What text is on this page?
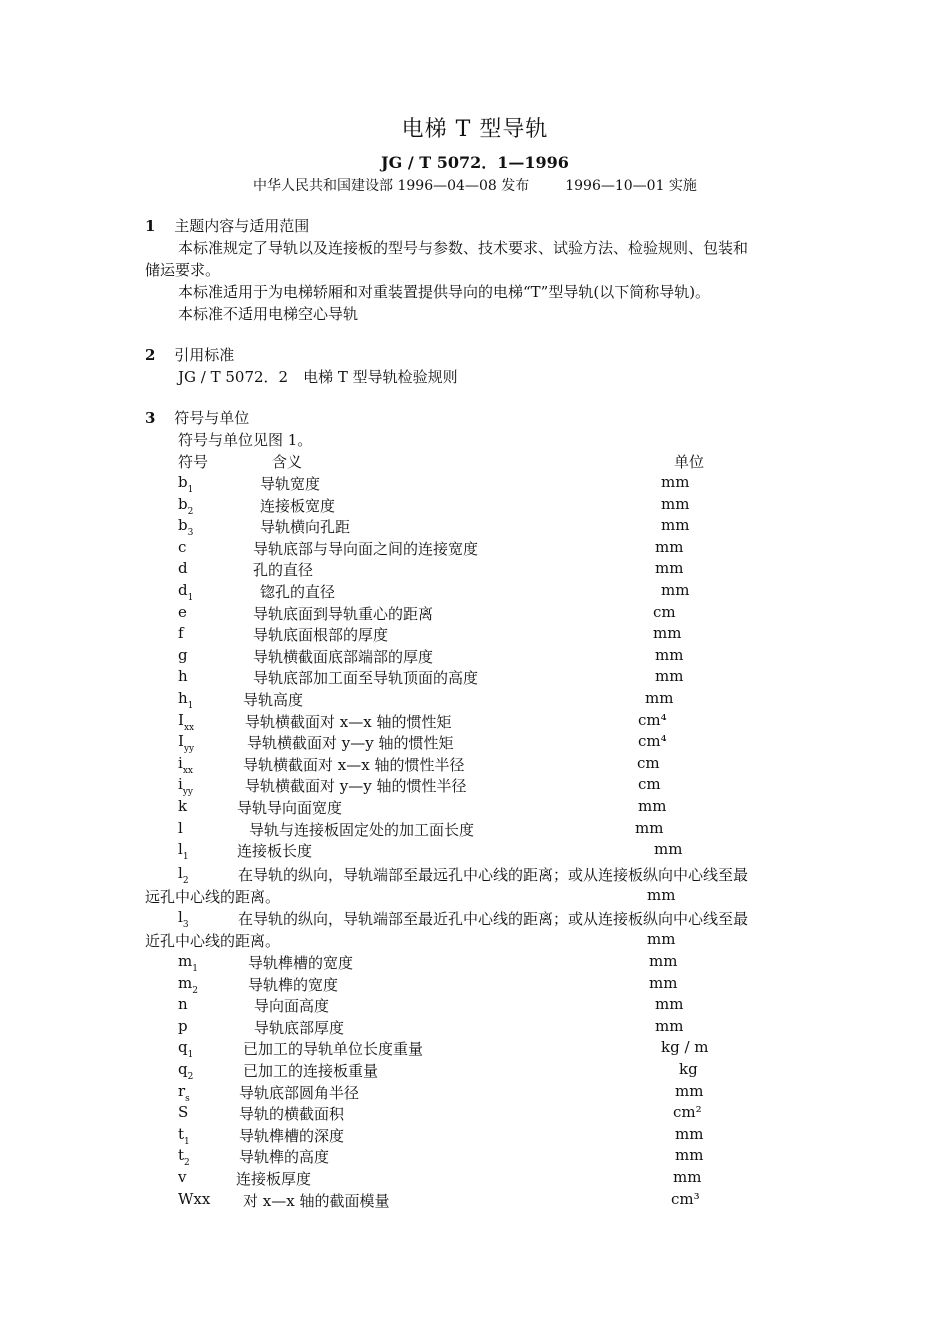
电梯 T 型导轨
JG / T 5072．1—1996
中华人民共和国建设部 1996—04—08 发布	1996—10—01 实施
1 主题内容与适用范围
本标准规定了导轨以及连接板的型号与参数、技术要求、试验方法、检验规则、包装和
储运要求。
本标准适用于为电梯轿厢和对重装置提供导向的电梯“T”型导轨(以下简称导轨)。
本标准不适用电梯空心导轨
2 引用标准
JG / T 5072．2　电梯 T 型导轨检验规则
3 符号与单位
符号与单位见图 1。
符号	含义	单位
$b_1$	导轨宽度	mm
$b_2$	连接板宽度	mm
$b_3$	导轨横向孔距	mm
c	导轨底部与导向面之间的连接宽度	mm
d	孔的直径	mm
$d_1$	锪孔的直径	mm
e	导轨底面到导轨重心的距离	cm
f	导轨底面根部的厚度	mm
g	导轨横截面底部端部的厚度	mm
h	导轨底部加工面至导轨顶面的高度	mm
$h_1$	导轨高度	mm
$I_{xx}$	导轨横截面对 x—x 轴的惯性矩	cm⁴
$I_{yy}$	导轨横截面对 y—y 轴的惯性矩	cm⁴
$i_{xx}$	导轨横截面对 x—x 轴的惯性半径	cm
$i_{yy}$	导轨横截面对 y—y 轴的惯性半径	cm
k	导轨导向面宽度	mm
l	导轨与连接板固定处的加工面长度	mm
$l_1$	连接板长度	mm
$l_2$	在导轨的纵向，导轨端部至最远孔中心线的距离；或从连接板纵向中心线至最
远孔中心线的距离。	mm
$l_3$	在导轨的纵向，导轨端部至最近孔中心线的距离；或从连接板纵向中心线至最
近孔中心线的距离。	mm
$m_1$	导轨榫槽的宽度	mm
$m_2$	导轨榫的宽度	mm
n	导向面高度	mm
p	导轨底部厚度	mm
$q_1$	已加工的导轨单位长度重量	kg / m
$q_2$	已加工的连接板重量	kg
$r_s$	导轨底部圆角半径	mm
S	导轨的横截面积	cm²
$t_1$	导轨榫槽的深度	mm
$t_2$	导轨榫的高度	mm
v	连接板厚度	mm
Wxx 对 x—x 轴的截面模量	cm³
